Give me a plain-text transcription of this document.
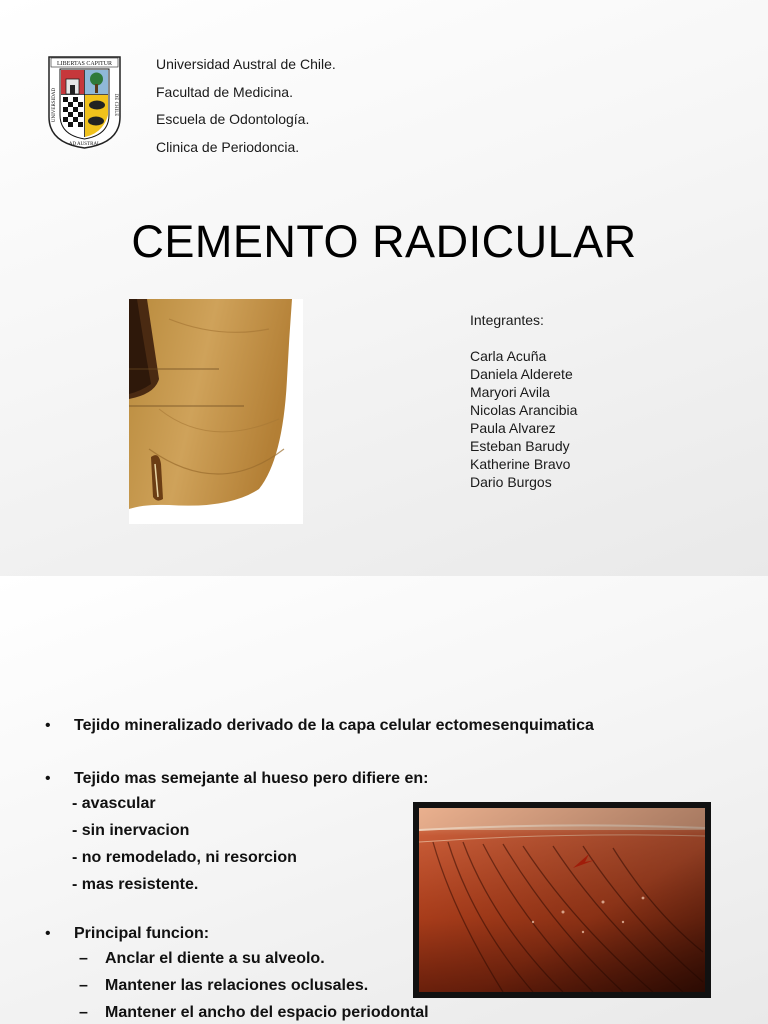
LIBERTAS CAPITUR
UNIVERSIDAD	DE CHILE
AD AUSTRAL
Universidad Austral de Chile.
Facultad de Medicina.
Escuela de Odontología.
Clinica de Periodoncia.
CEMENTO RADICULAR
Integrantes:
Carla Acuña
Daniela Alderete
Maryori Avila
Nicolas Arancibia
Paula Alvarez
Esteban Barudy
Katherine Bravo
Dario Burgos
• Tejido mineralizado derivado de la capa celular ectomesenquimatica
• Tejido mas semejante al hueso pero difiere en:
- avascular
- sin inervacion
- no remodelado, ni resorcion
- mas resistente.
• Principal funcion:
– Anclar el diente a su alveolo.
– Mantener las relaciones oclusales.
– Mantener el ancho del espacio periodontal
